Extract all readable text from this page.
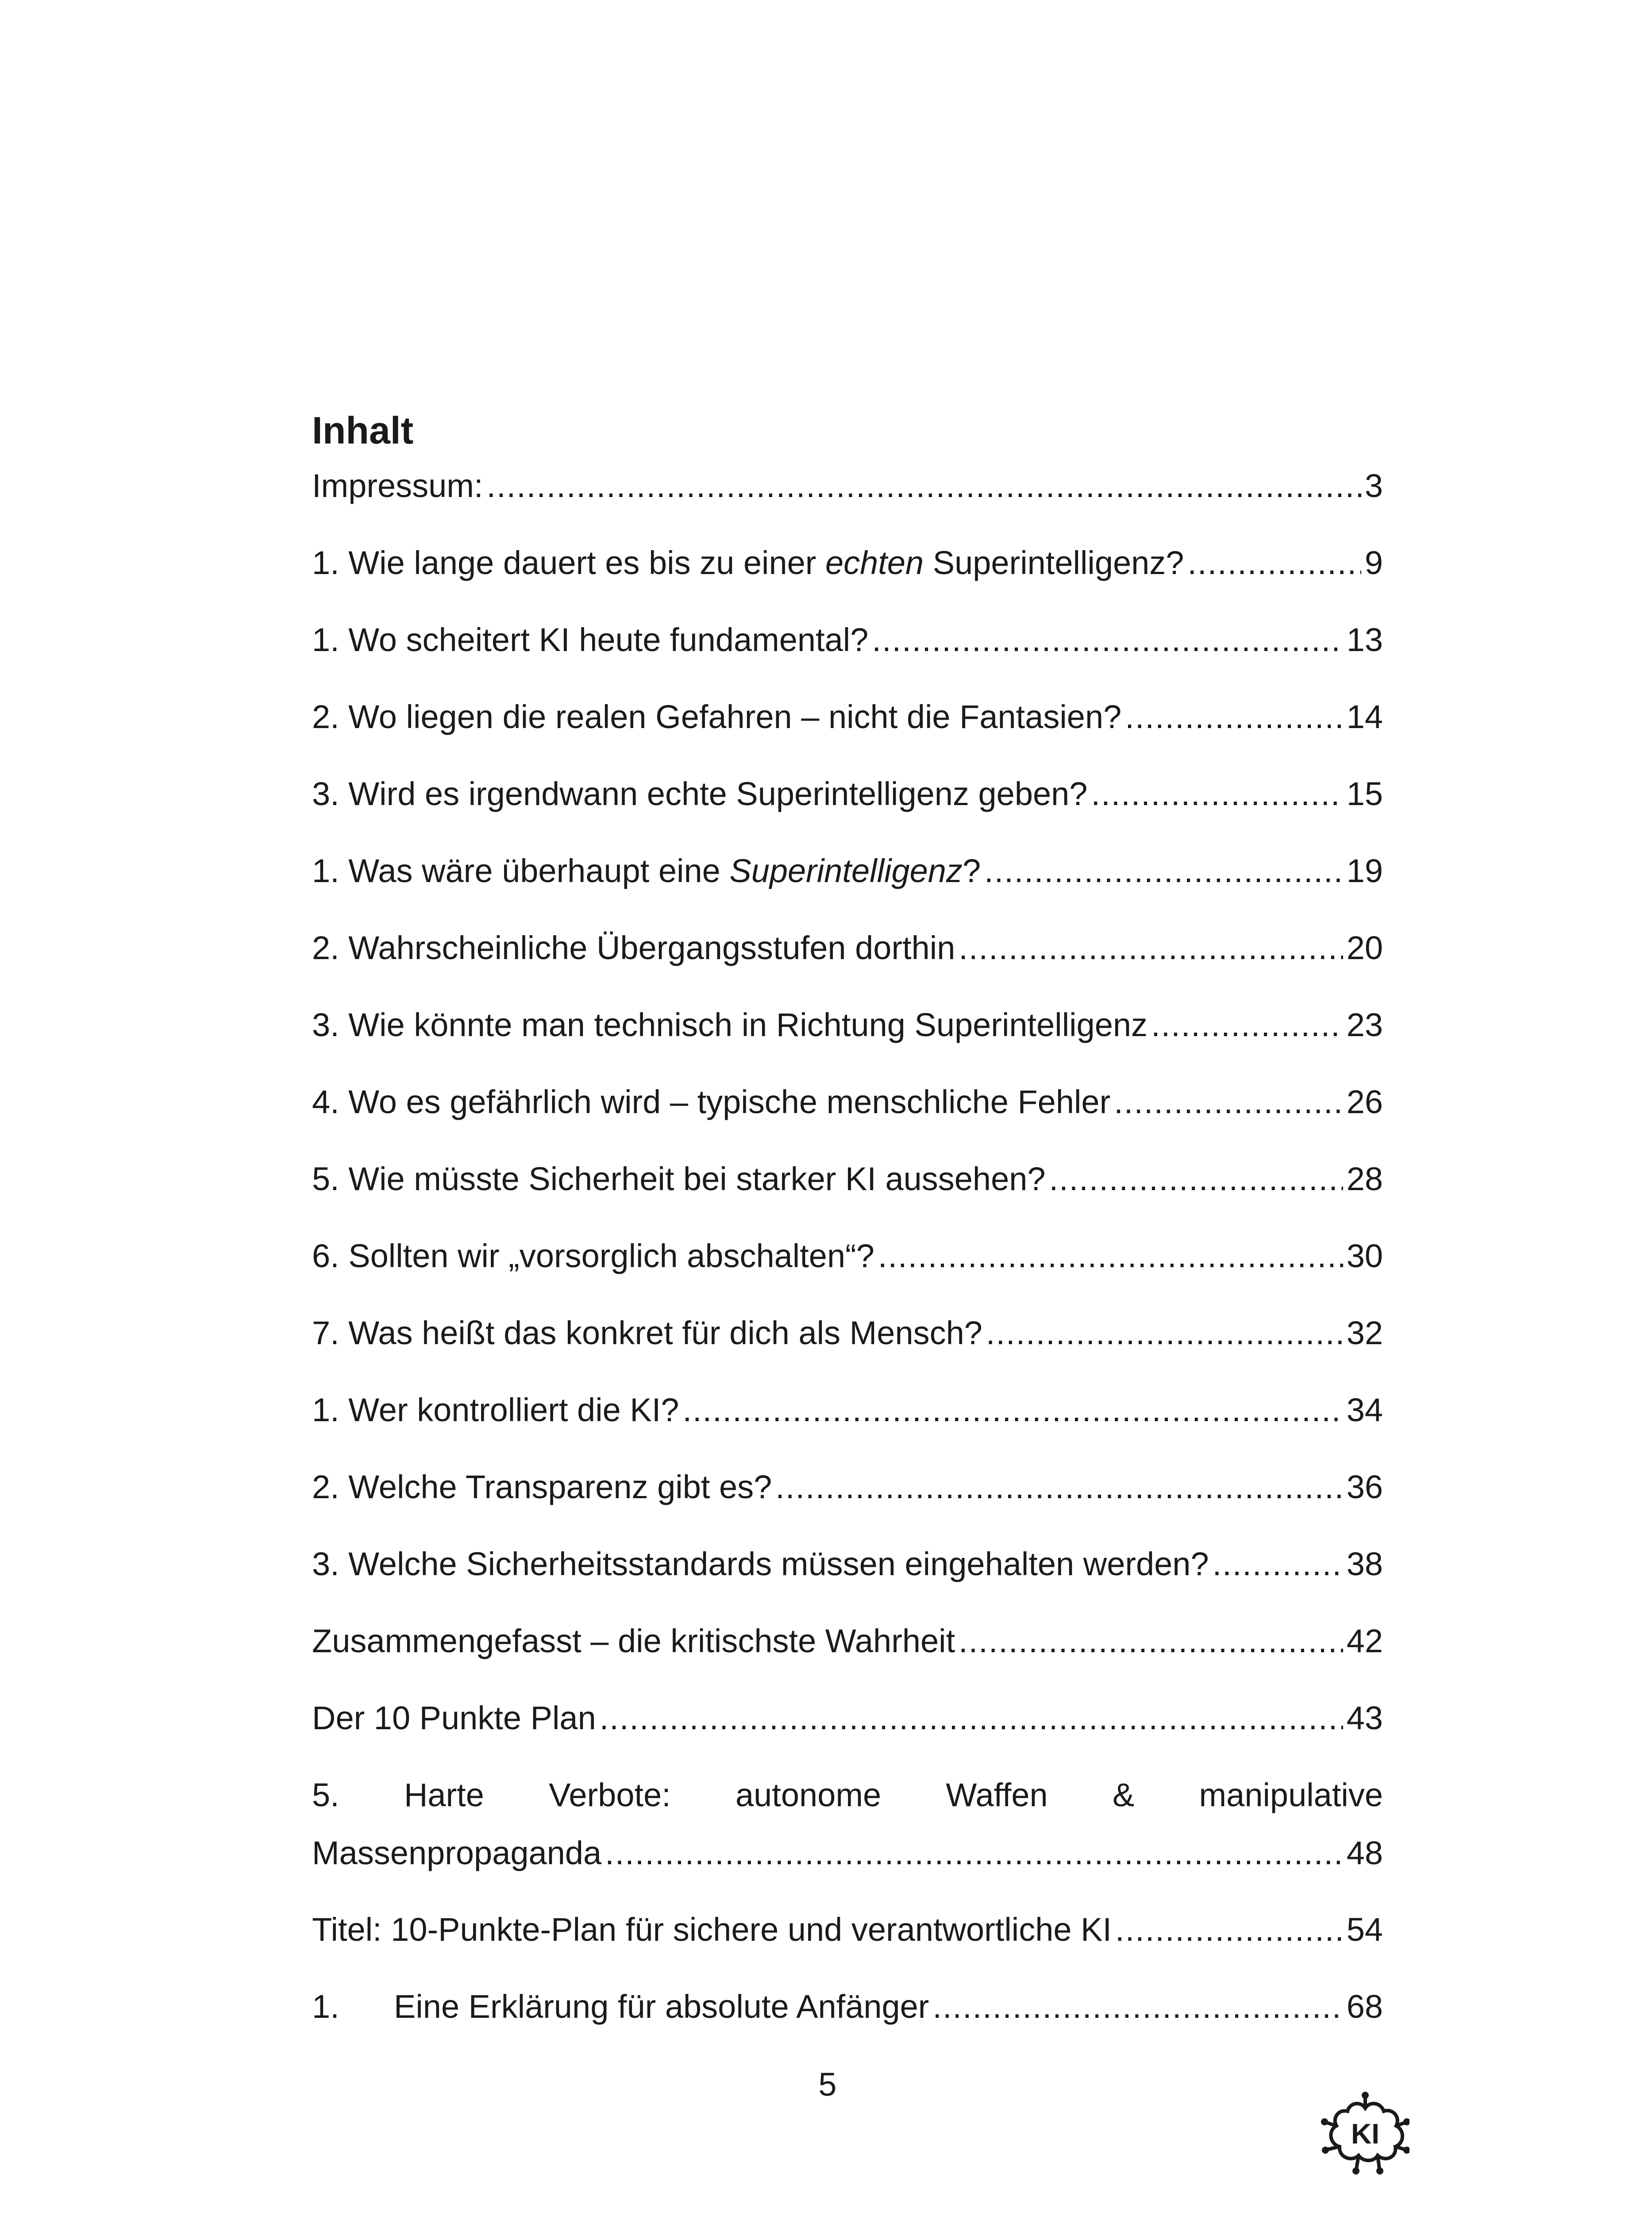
Inhalt
Impressum: .....	3
1. Wie lange dauert es bis zu einer echten Superintelligenz? .....	9
1. Wo scheitert KI heute fundamental? .....	13
2. Wo liegen die realen Gefahren – nicht die Fantasien? .....	14
3. Wird es irgendwann echte Superintelligenz geben? .....	15
1. Was wäre überhaupt eine Superintelligenz? .....	19
2. Wahrscheinliche Übergangsstufen dorthin .....	20
3. Wie könnte man technisch in Richtung Superintelligenz .....	23
4. Wo es gefährlich wird – typische menschliche Fehler .....	26
5. Wie müsste Sicherheit bei starker KI aussehen? .....	28
6. Sollten wir „vorsorglich abschalten“? .....	30
7. Was heißt das konkret für dich als Mensch? .....	32
1. Wer kontrolliert die KI? .....	34
2. Welche Transparenz gibt es? .....	36
3. Welche Sicherheitsstandards müssen eingehalten werden? .....	38
Zusammengefasst – die kritischste Wahrheit .....	42
Der 10 Punkte Plan .....	43
5. Harte Verbote: autonome Waffen & manipulative
Massenpropaganda .....	48
Titel: 10-Punkte-Plan für sichere und verantwortliche KI .....	54
1. Eine Erklärung für absolute Anfänger .....	68
5
KI
